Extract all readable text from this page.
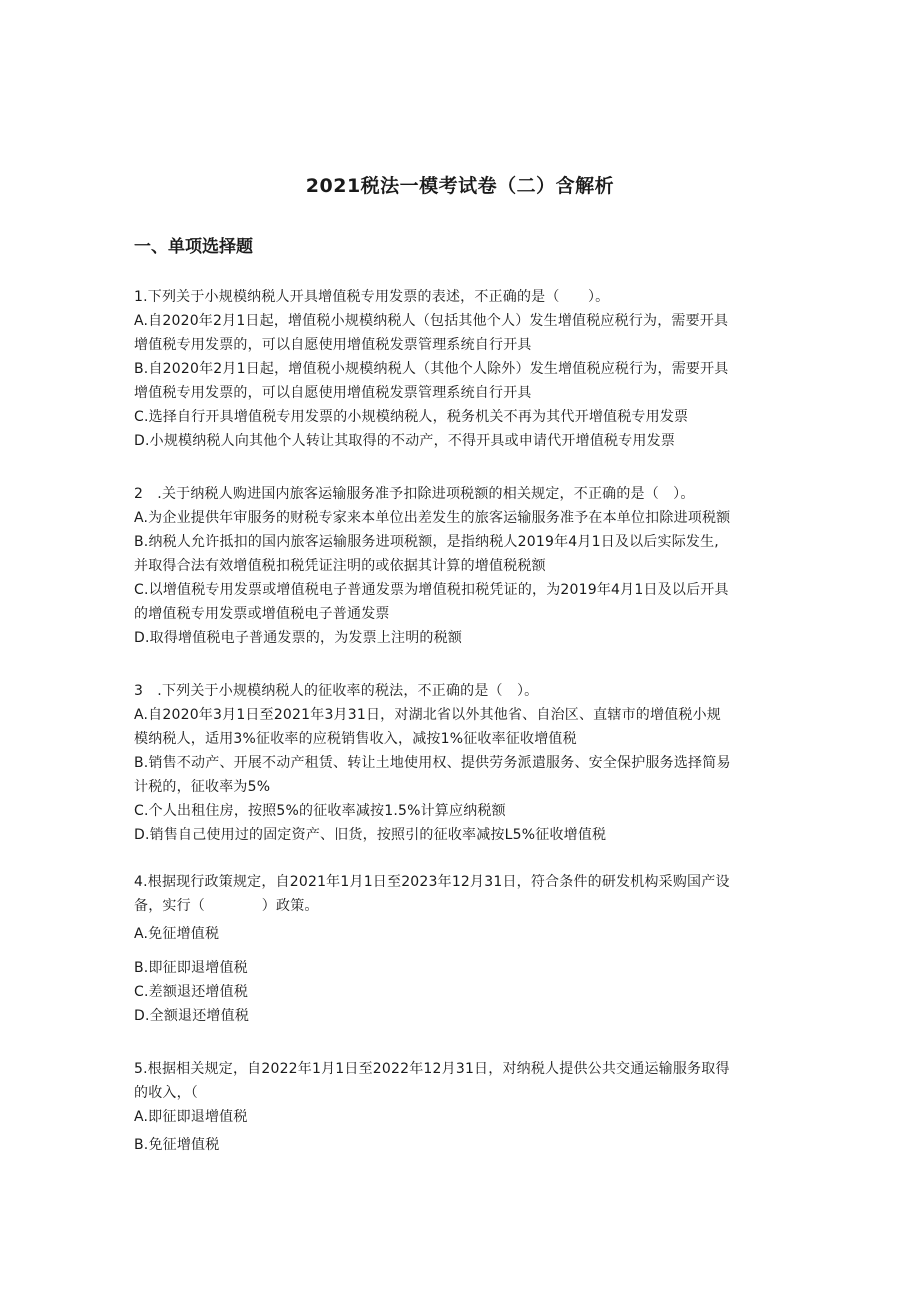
2021税法一模考试卷（二）含解析
一、单项选择题
1.下列关于小规模纳税人开具增值税专用发票的表述，不正确的是（　　）。
A.自2020年2月1日起，增值税小规模纳税人（包括其他个人）发生增值税应税行为，需要开具
增值税专用发票的，可以自愿使用增值税发票管理系统自行开具
B.自2020年2月1日起，增值税小规模纳税人（其他个人除外）发生增值税应税行为，需要开具
增值税专用发票的，可以自愿使用增值税发票管理系统自行开具
C.选择自行开具增值税专用发票的小规模纳税人，税务机关不再为其代开增值税专用发票
D.小规模纳税人向其他个人转让其取得的不动产，不得开具或申请代开增值税专用发票
2　.关于纳税人购进国内旅客运输服务准予扣除进项税额的相关规定，不正确的是（　）。
A.为企业提供年审服务的财税专家来本单位出差发生的旅客运输服务准予在本单位扣除进项税额
B.纳税人允许抵扣的国内旅客运输服务进项税额，是指纳税人2019年4月1日及以后实际发生,
并取得合法有效增值税扣税凭证注明的或依据其计算的增值税税额
C.以增值税专用发票或增值税电子普通发票为增值税扣税凭证的，为2019年4月1日及以后开具
的增值税专用发票或增值税电子普通发票
D.取得增值税电子普通发票的，为发票上注明的税额
3　.下列关于小规模纳税人的征收率的税法，不正确的是（　）。
A.自2020年3月1日至2021年3月31日，对湖北省以外其他省、自治区、直辖市的增值税小规
模纳税人，适用3%征收率的应税销售收入，减按1%征收率征收增值税
B.销售不动产、开展不动产租赁、转让土地使用权、提供劳务派遣服务、安全保护服务选择简易
计税的，征收率为5%
C.个人出租住房，按照5%的征收率减按1.5%计算应纳税额
D.销售自己使用过的固定资产、旧货，按照引的征收率减按L5%征收增值税
4.根据现行政策规定，自2021年1月1日至2023年12月31日，符合条件的研发机构采购国产设
备，实行（　　　　）政策。
A.免征增值税
B.即征即退增值税
C.差额退还增值税
D.全额退还增值税
5.根据相关规定，自2022年1月1日至2022年12月31日，对纳税人提供公共交通运输服务取得
的收入，（
A.即征即退增值税
B.免征增值税
